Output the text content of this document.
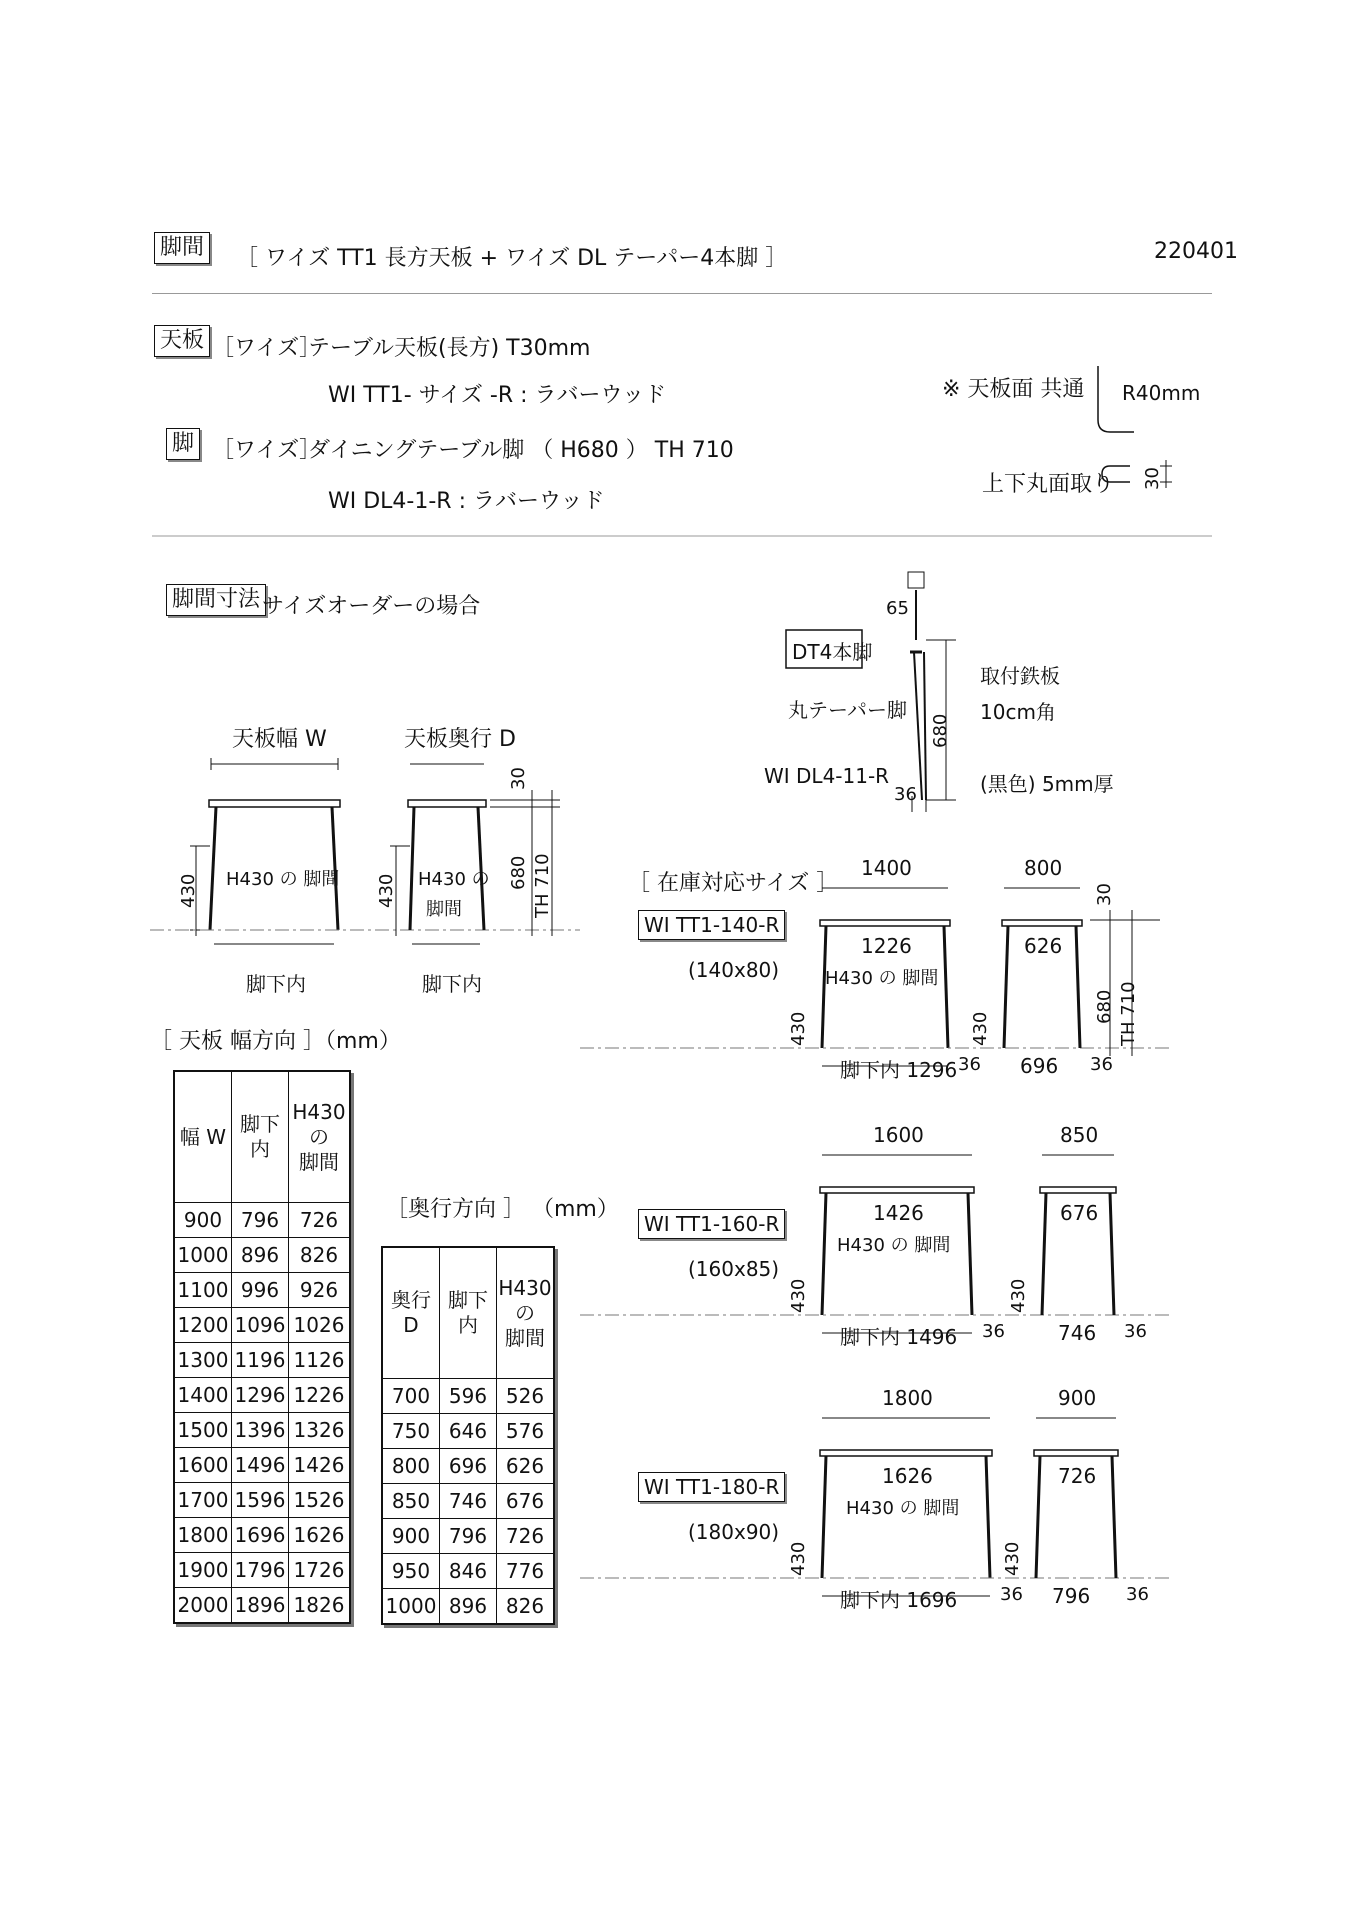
脚間 ［ ワイズ TT1 長方天板 + ワイズ DL テーパー4本脚 ］	220401
天板 ［ワイズ］
テーブル天板(長方) T30mm
WI TT1- サイズ -R : ラバーウッド
脚 ［ワイズ］
ダイニングテーブル脚 （ H680 ） TH 710
WI DL4-1-R : ラバーウッド
※ 天板面 共通 R40mm
上下丸面取り 30
脚間寸法 サイズオーダーの場合
天板幅 W	天板奥行 D
H430 の 脚間	H430 の
脚間
脚下内	脚下内
430	430
30
680 TH 710
DT4本脚
丸テーパー脚
WI DL4-11-R
65
680
36
取付鉄板
10cm角
(黒色) 5mm厚
［ 天板 幅方向 ］（mm）
幅 W	脚下内	H430の
脚間
900	796	726
1000	896	826
1100	996	926
1200	1096	1026
1300	1196	1126
1400	1296	1226
1500	1396	1326
1600	1496	1426
1700	1596	1526
1800	1696	1626
1900	1796	1726
2000	1896	1826
［奥行方向 ］ （mm）
奥行
D	脚下内	H430の
脚間
700	596	526
750	646	576
800	696	626
850	746	676
900	796	726
950	846	776
1000	896	826
［ 在庫対応サイズ ］
1400
1226
H430 の 脚間
脚下内 1296 36
430
800
626
696 36
430
WI TT1-140-R
(140x80)
30
680 TH 710
1600
1426
H430 の 脚間
脚下内 1496 36
430
850
676
746 36
430
WI TT1-160-R
(160x85)
1800
1626
H430 の 脚間
脚下内 1696 36
430
900
726
796 36
430
WI TT1-180-R
(180x90)
